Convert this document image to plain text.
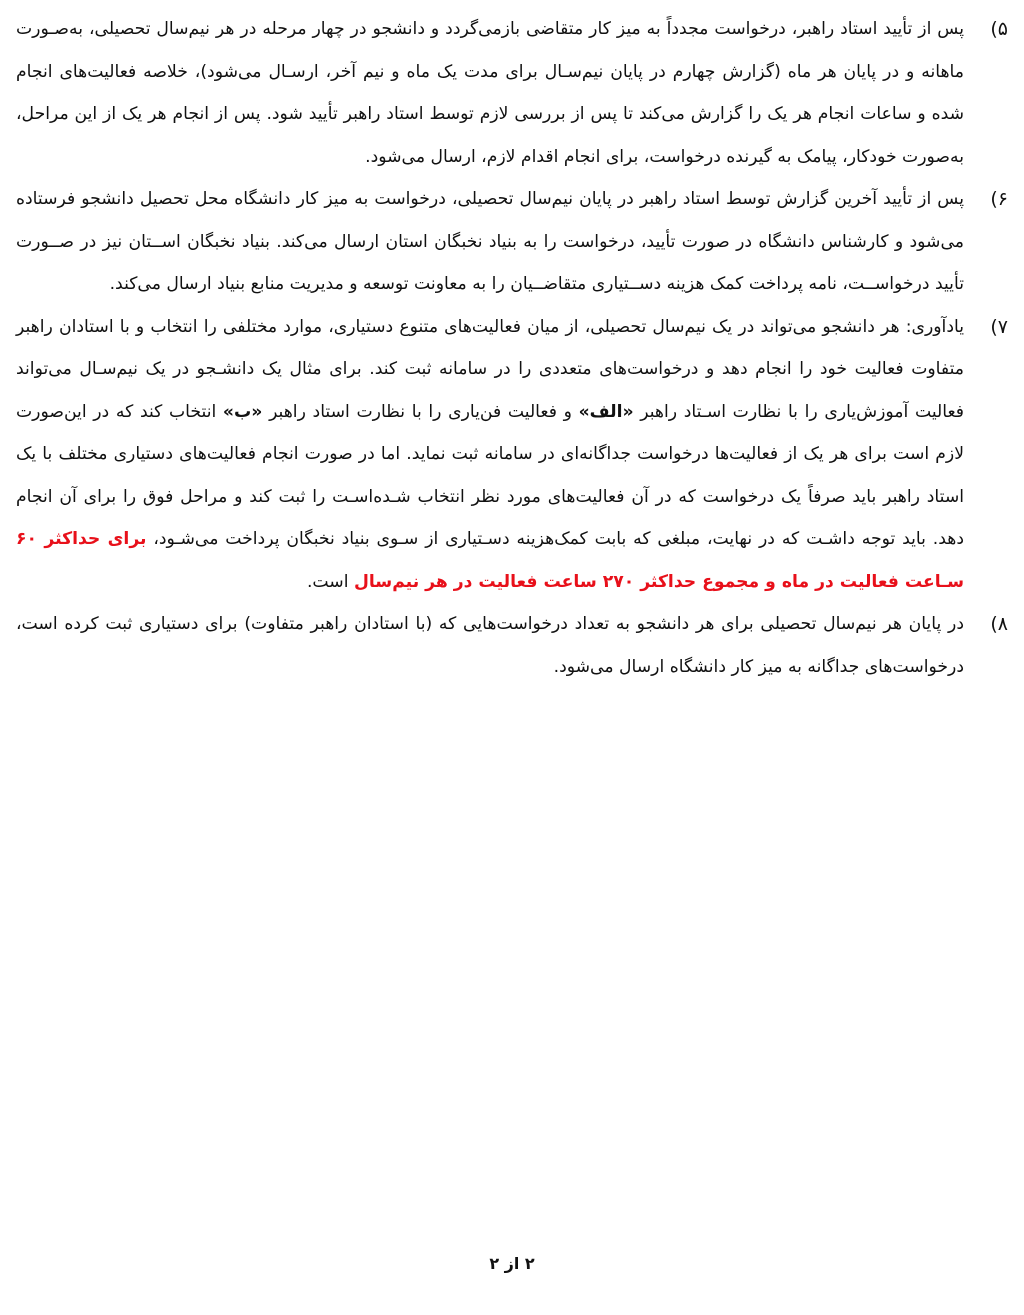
۵)
پس از تأیید استاد راهبر، درخواست مجدداً به میز کار متقاضی بازمی‌گردد و دانشجو در چهار مرحله در هر نیم‌سال تحصیلی، به‌صـورت ماهانه و در پایان هر ماه (گزارش چهارم در پایان نیم‌سـال برای مدت یک ماه و نیم آخر، ارسـال می‌شود)، خلاصه فعالیت‌های انجام شده و ساعات انجام هر یک را گزارش می‌کند تا پس از بررسی لازم توسط استاد راهبر تأیید شود. پس از انجام هر یک از این مراحل، به‌صورت خودکار، پیامک به گیرنده درخواست، برای انجام اقدام لازم، ارسال می‌شود.
۶)
پس از تأیید آخرین گزارش توسط استاد راهبر در پایان نیم‌سال تحصیلی، درخواست به میز کار دانشگاه محل تحصیل دانشجو فرستاده می‌شود و کارشناس دانشگاه در صورت تأیید، درخواست را به بنیاد نخبگان استان ارسال می‌کند. بنیاد نخبگان اســتان نیز در صــورت تأیید درخواســت، نامه پرداخت کمک هزینه دســتیاری متقاضــیان را به معاونت توسعه و مدیریت منابع بنیاد ارسال می‌کند.
۷)
یادآوری: هر دانشجو می‌تواند در یک نیم‌سال تحصیلی، از میان فعالیت‌های متنوع دستیاری، موارد مختلفی را انتخاب و با استادان راهبر متفاوت فعالیت خود را انجام دهد و درخواست‌های متعددی را در سامانه ثبت کند. برای مثال یک دانشـجو در یک نیم‌سـال می‌تواند فعالیت آموزش‌یاری را با نظارت اسـتاد راهبر «الف» و فعالیت فن‌یاری را با نظارت استاد راهبر «ب» انتخاب کند که در این‌صورت لازم است برای هر یک از فعالیت‌ها درخواست جداگانه‌ای در سامانه ثبت نماید. اما در صورت انجام فعالیت‌های دستیاری مختلف با یک استاد راهبر باید صرفاً یک درخواست که در آن فعالیت‌های مورد نظر انتخاب شـده‌اسـت را ثبت کند و مراحل فوق را برای آن انجام دهد. باید توجه داشـت که در نهایت، مبلغی که بابت کمک‌هزینه دسـتیاری از سـوی بنیاد نخبگان پرداخت می‌شـود، برای حداکثر ۶۰ سـاعت فعالیت در ماه و مجموع حداکثر ۲۷۰ ساعت فعالیت در هر نیم‌سال است.
۸)
در پایان هر نیم‌سال تحصیلی برای هر دانشجو به تعداد درخواست‌هایی که (با استادان راهبر متفاوت) برای دستیاری ثبت کرده است، درخواست‌های جداگانه به میز کار دانشگاه ارسال می‌شود.
۲ از ۲
